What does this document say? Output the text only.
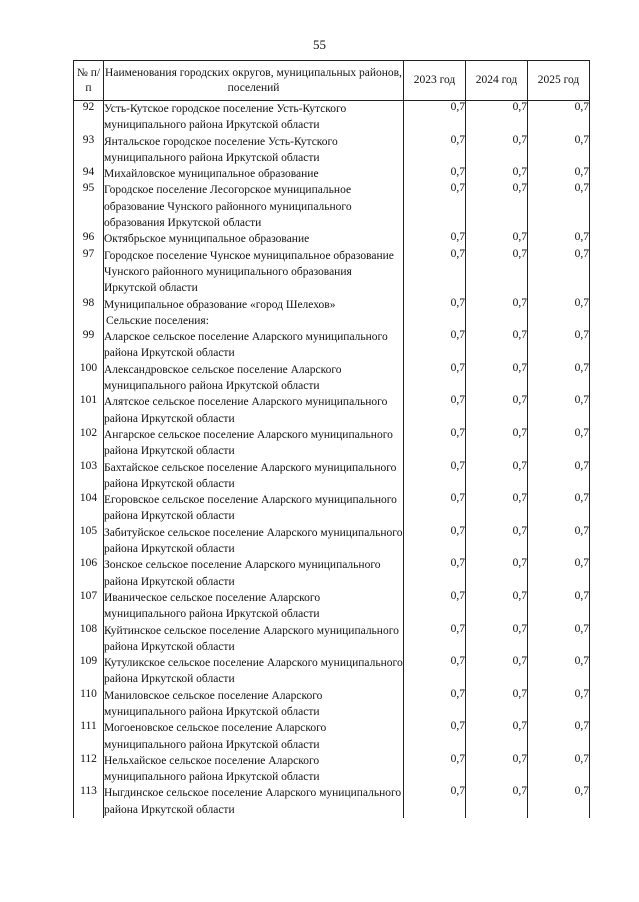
55
№ п/п	Наименования городских округов, муниципальных районов, поселений	2023 год	2024 год	2025 год
92	Усть-Кутское городское поселение Усть-Кутского муниципального района Иркутской области	0,7	0,7	0,7
93	Янтальское городское поселение Усть-Кутского муниципального района Иркутской области	0,7	0,7	0,7
94	Михайловское муниципальное образование	0,7	0,7	0,7
95	Городское поселение Лесогорское муниципальное образование Чунского районного муниципального образования Иркутской области	0,7	0,7	0,7
96	Октябрьское муниципальное образование	0,7	0,7	0,7
97	Городское поселение Чунское муниципальное образование Чунского районного муниципального образования Иркутской области	0,7	0,7	0,7
98	Муниципальное образование «город Шелехов»	0,7	0,7	0,7
	Сельские поселения:			
99	Аларское сельское поселение Аларского муниципального района Иркутской области	0,7	0,7	0,7
100	Александровское сельское поселение Аларского муниципального района Иркутской области	0,7	0,7	0,7
101	Алятское сельское поселение Аларского муниципального района Иркутской области	0,7	0,7	0,7
102	Ангарское сельское поселение Аларского муниципального района Иркутской области	0,7	0,7	0,7
103	Бахтайское сельское поселение Аларского муниципального района Иркутской области	0,7	0,7	0,7
104	Егоровское сельское поселение Аларского муниципального района Иркутской области	0,7	0,7	0,7
105	Забитуйское сельское поселение Аларского муниципального района Иркутской области	0,7	0,7	0,7
106	Зонское сельское поселение Аларского муниципального района Иркутской области	0,7	0,7	0,7
107	Иваническое сельское поселение Аларского муниципального района Иркутской области	0,7	0,7	0,7
108	Куйтинское сельское поселение Аларского муниципального района Иркутской области	0,7	0,7	0,7
109	Кутуликское сельское поселение Аларского муниципального района Иркутской области	0,7	0,7	0,7
110	Маниловское сельское поселение Аларского муниципального района Иркутской области	0,7	0,7	0,7
111	Могоеновское сельское поселение Аларского муниципального района Иркутской области	0,7	0,7	0,7
112	Нельхайское сельское поселение Аларского муниципального района Иркутской области	0,7	0,7	0,7
113	Ныгдинское сельское поселение Аларского муниципального района Иркутской области	0,7	0,7	0,7
